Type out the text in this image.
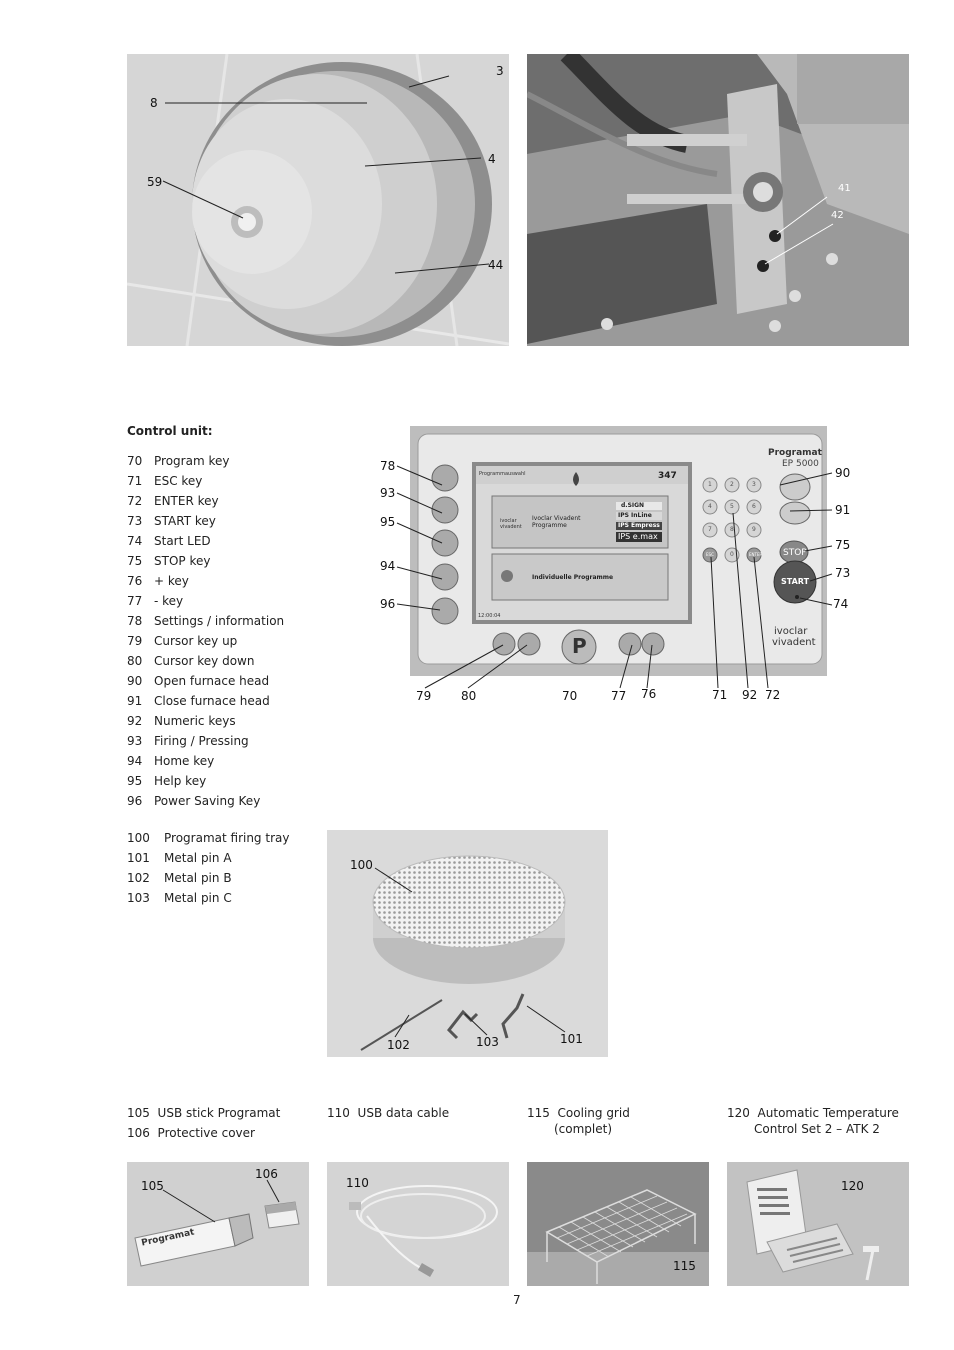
3
8
4
59
44
41
42
Control unit:
70 Program key
71 ESC key
72 ENTER key
73 START key
74 Start LED
75 STOP key
76 + key
77 - key
78 Settings / information
79 Cursor key up
80 Cursor key down
90 Open furnace head
91 Close furnace head
92 Numeric keys
93 Firing / Pressing
94 Home key
95 Help key
96 Power Saving Key
Programat
EP 5000
Programmauswahl	347
ivoclar
vivadent
Ivoclar Vivadent
Programme
d.SIGN
IPS InLine
IPS Empress
IPS e.max
Individuelle Programme
12:00:04
ENTER
ESC
1	2	3
4	5	6
7	8	9
0	STOP
START
P
ivoclar
vivadent
78
93
95
94
96
90
91
75
73
74
79 80	70	77 76	71 92 72
100	Programat firing tray
101	Metal pin A
102	Metal pin B
103	Metal pin C
100
102	103	101
105 USB stick Programat
106 Protective cover
110 USB data cable	115 Cooling grid
(complet)
120 Automatic Temperature
Control Set 2 – ATK 2
Programat
105
106
110
115
120
7
